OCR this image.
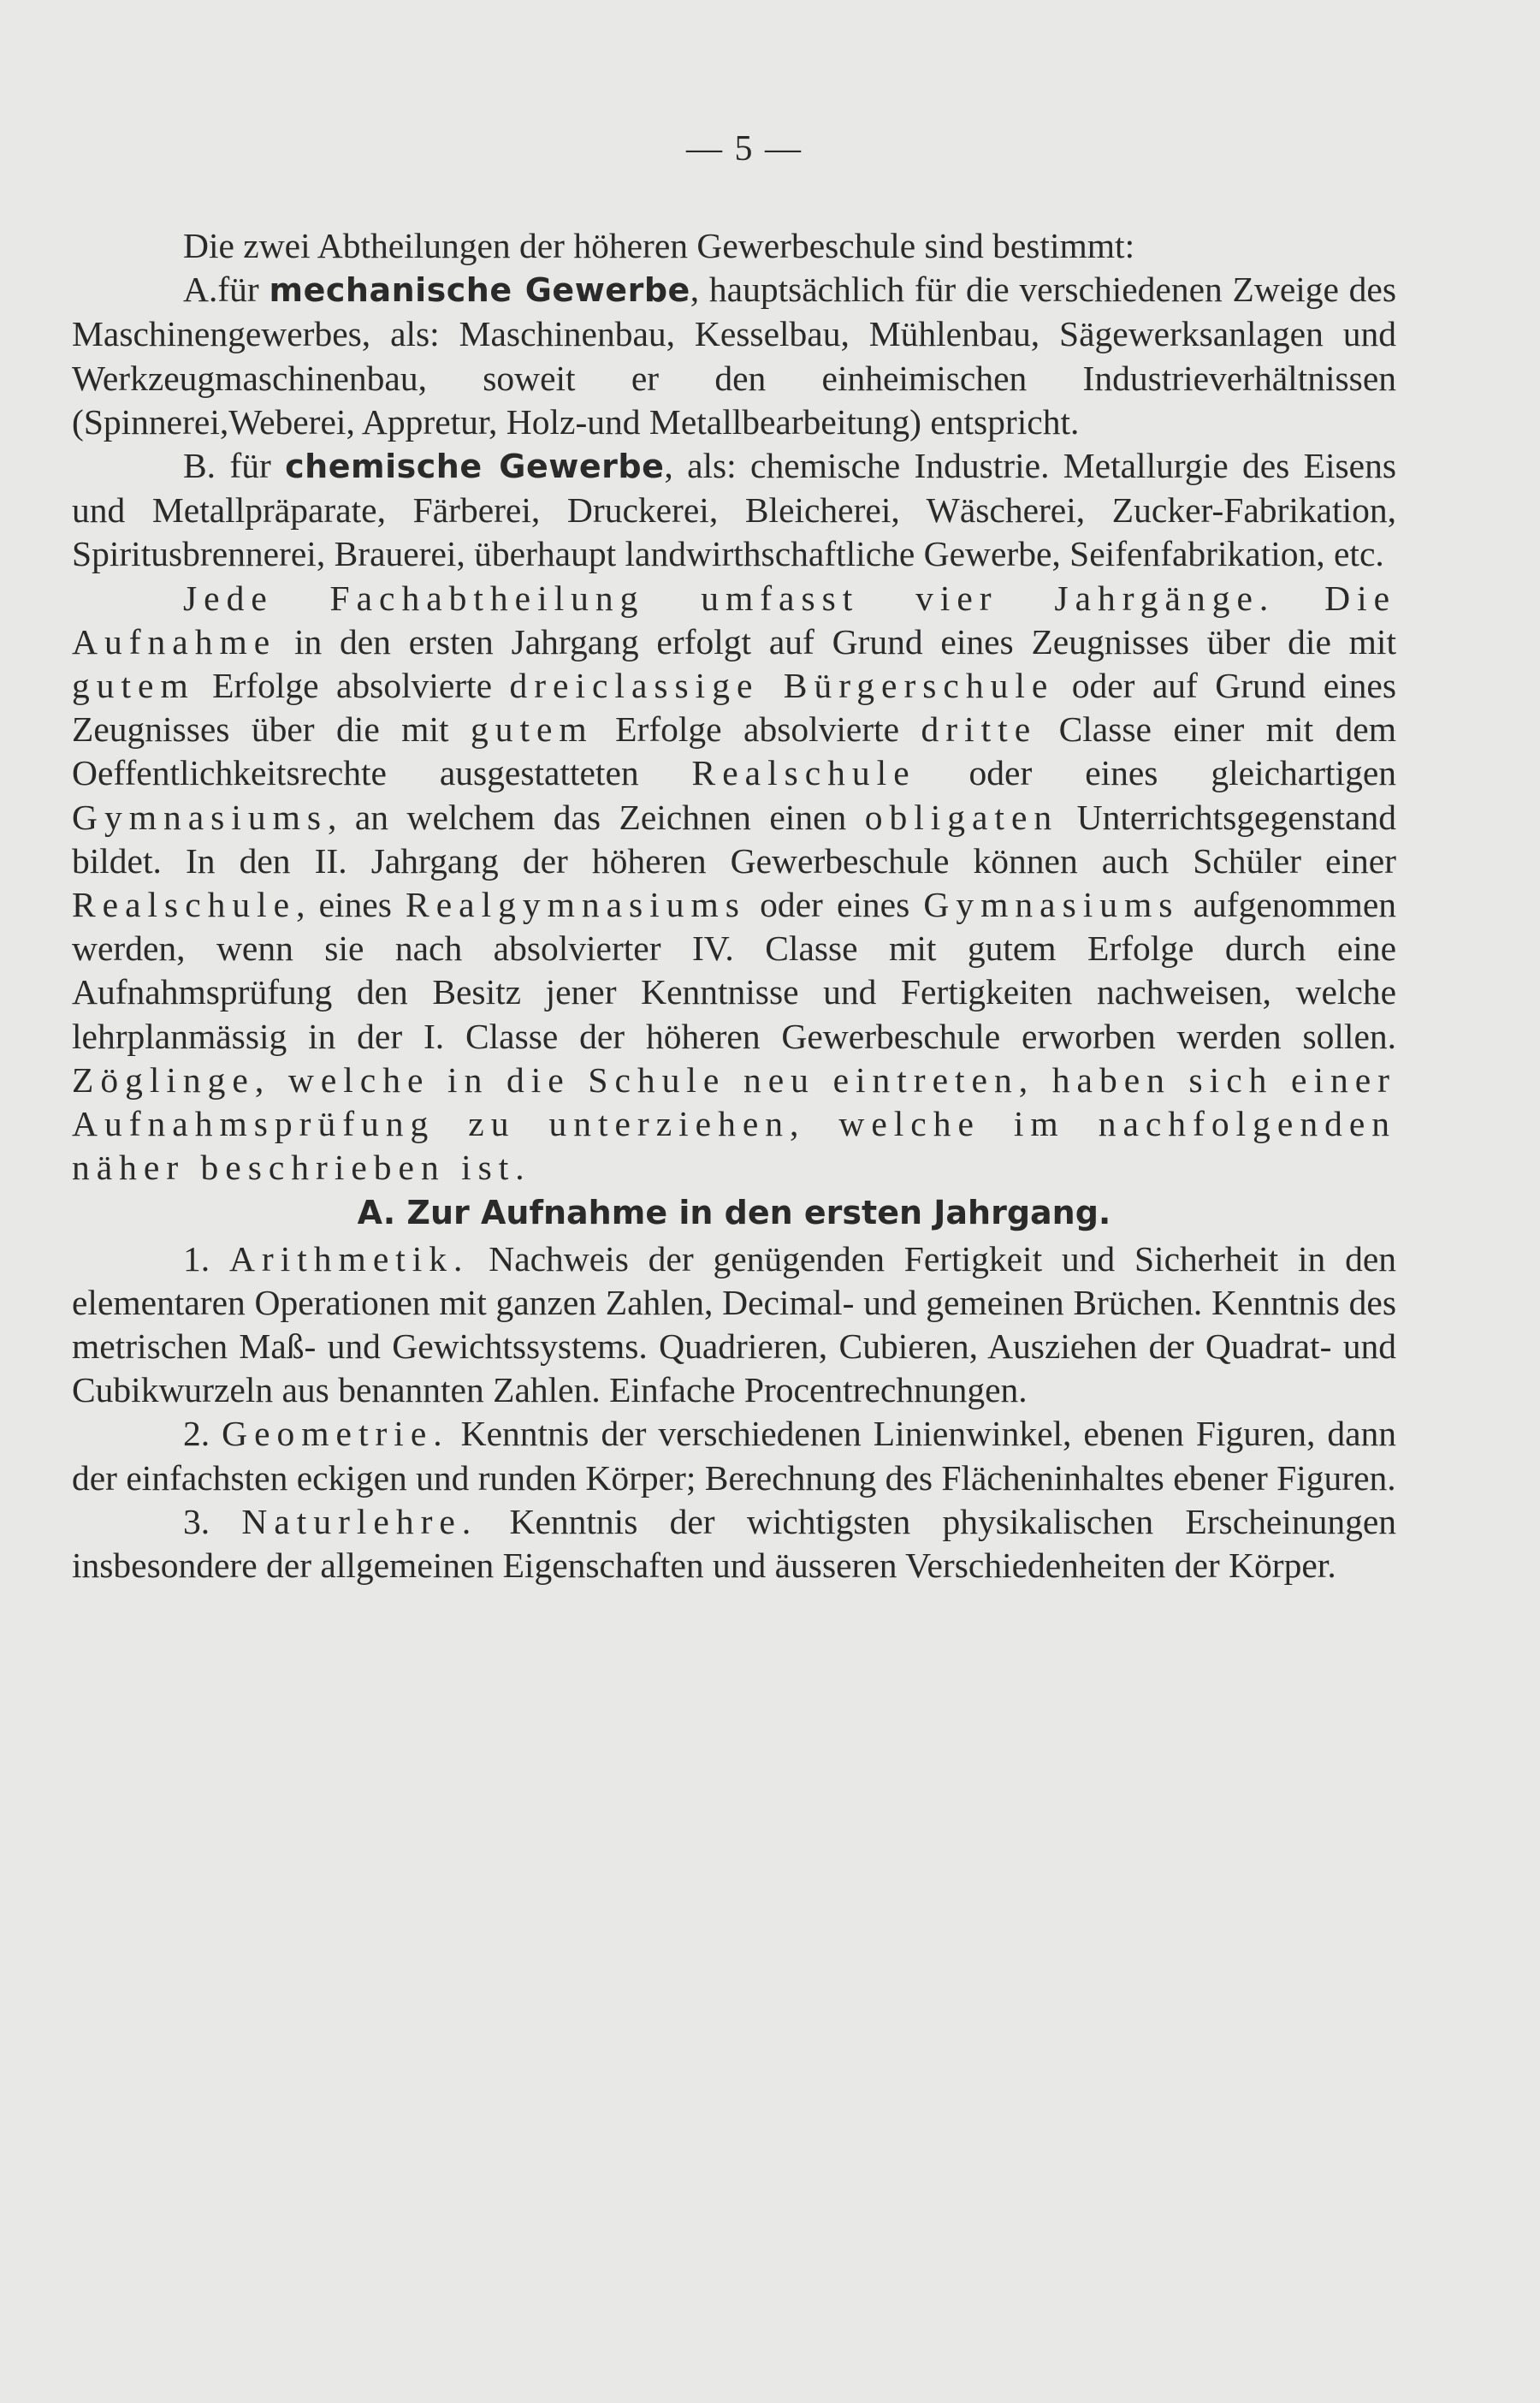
— 5 —

Die zwei Abtheilungen der höheren Gewerbeschule sind bestimmt:

A.für mechanische Gewerbe, hauptsächlich für die verschiedenen Zweige des Maschinengewerbes, als: Maschinenbau, Kesselbau, Mühlenbau, Sägewerksanlagen und Werkzeugmaschinenbau, soweit er den einheimischen Industrieverhältnissen (Spinnerei,Weberei, Appretur, Holz-und Metallbearbeitung) entspricht.

B. für chemische Gewerbe, als: chemische Industrie. Metallurgie des Eisens und Metallpräparate, Färberei, Druckerei, Bleicherei, Wäscherei, Zucker-Fabrikation, Spiritusbrennerei, Brauerei, überhaupt landwirthschaftliche Gewerbe, Seifenfabrikation, etc.

Jede Fachabtheilung umfasst vier Jahrgänge. Die Aufnahme in den ersten Jahrgang erfolgt auf Grund eines Zeugnisses über die mit gutem Erfolge absolvierte dreiclassige Bürgerschule oder auf Grund eines Zeugnisses über die mit gutem Erfolge absolvierte dritte Classe einer mit dem Oeffentlichkeitsrechte ausgestatteten Realschule oder eines gleichartigen Gymnasiums, an welchem das Zeichnen einen obligaten Unterrichtsgegenstand bildet. In den II. Jahrgang der höheren Gewerbeschule können auch Schüler einer Realschule, eines Realgymnasiums oder eines Gymnasiums aufgenommen werden, wenn sie nach absolvierter IV. Classe mit gutem Erfolge durch eine Aufnahmsprüfung den Besitz jener Kenntnisse und Fertigkeiten nachweisen, welche lehrplanmässig in der I. Classe der höheren Gewerbeschule erworben werden sollen. Zöglinge, welche in die Schule neu eintreten, haben sich einer Aufnahmsprüfung zu unterziehen, welche im nachfolgenden näher beschrieben ist.

A. Zur Aufnahme in den ersten Jahrgang.

1. Arithmetik. Nachweis der genügenden Fertigkeit und Sicherheit in den elementaren Operationen mit ganzen Zahlen, Decimal- und gemeinen Brüchen. Kenntnis des metrischen Maß- und Gewichtssystems. Quadrieren, Cubieren, Ausziehen der Quadrat- und Cubikwurzeln aus benannten Zahlen. Einfache Procentrechnungen.

2. Geometrie. Kenntnis der verschiedenen Linienwinkel, ebenen Figuren, dann der einfachsten eckigen und runden Körper; Berechnung des Flächeninhaltes ebener Figuren.

3. Naturlehre. Kenntnis der wichtigsten physikalischen Erscheinungen insbesondere der allgemeinen Eigenschaften und äusseren Verschiedenheiten der Körper.
